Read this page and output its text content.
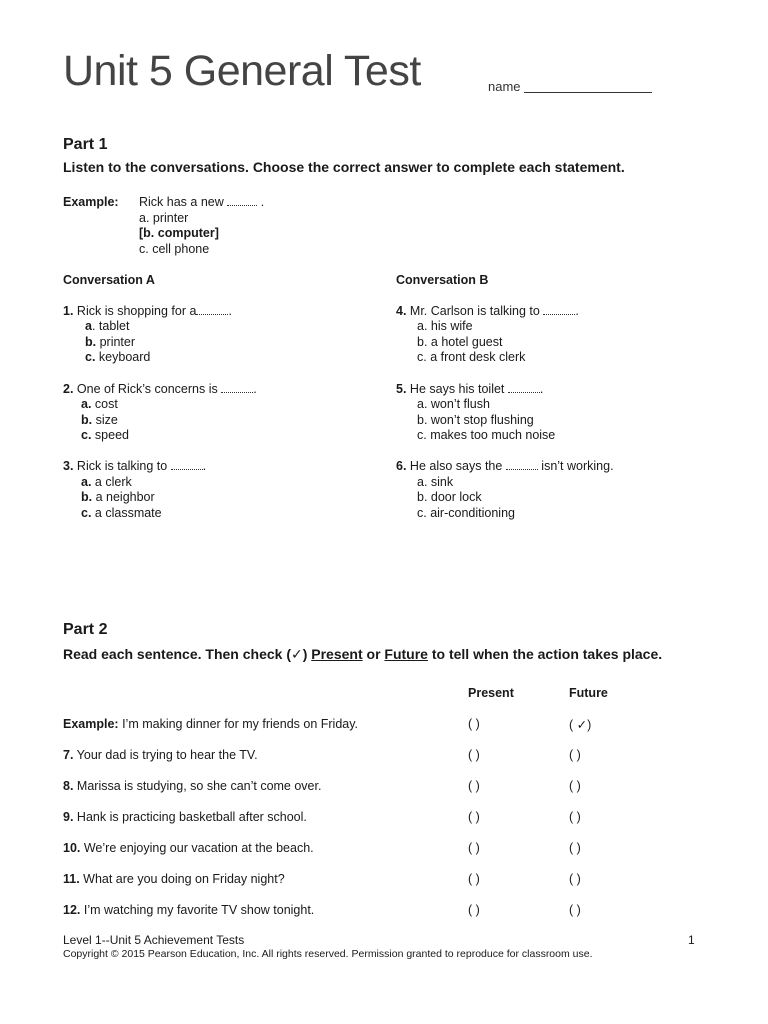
Unit 5 General Test	name
Part 1
Listen to the conversations. Choose the correct answer to complete each statement.
Example: Rick has a new	.
a. printer
[b. computer]
c. cell phone
Conversation A	Conversation B
1. Rick is shopping for a	.
a. tablet
b. printer
c. keyboard
2. One of Rick’s concerns is	.
a. cost
b. size
c. speed
3. Rick is talking to	.
a. a clerk
b. a neighbor
c. a classmate
4. Mr. Carlson is talking to	.
a. his wife
b. a hotel guest
c. a front desk clerk
5. He says his toilet	.
a. won’t flush
b. won’t stop flushing
c. makes too much noise
6. He also says the	isn’t working.
a. sink
b. door lock
c. air-conditioning
Part 2
Read each sentence. Then check (✓) Present or Future to tell when the action takes place.
Present	Future
Example: I’m making dinner for my friends on Friday.	( )	( ✓)
7. Your dad is trying to hear the TV.	( )	( )
8. Marissa is studying, so she can’t come over.	( )	( )
9. Hank is practicing basketball after school.	( )	( )
10. We’re enjoying our vacation at the beach.	( )	( )
11. What are you doing on Friday night?	( )	( )
12. I’m watching my favorite TV show tonight.	( )	( )
Level 1--Unit 5 Achievement Tests
Copyright © 2015 Pearson Education, Inc. All rights reserved. Permission granted to reproduce for classroom use.
1
